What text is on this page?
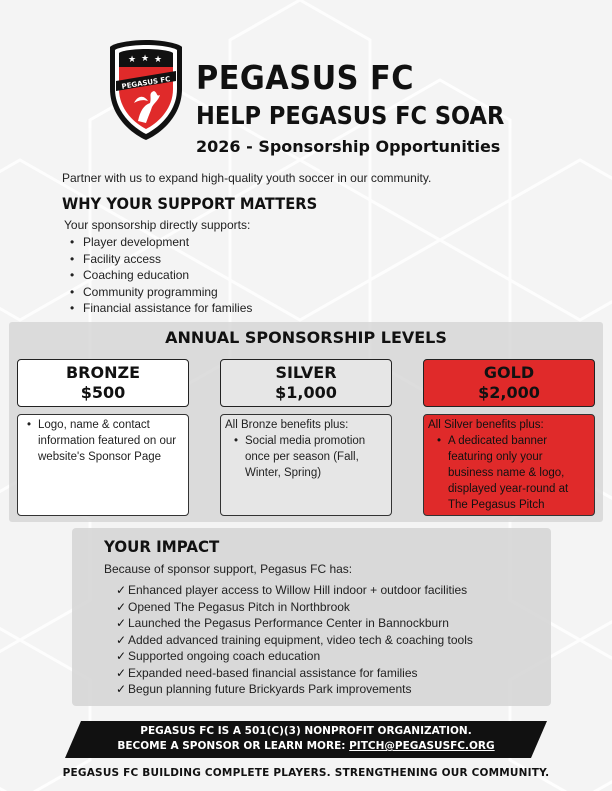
★ ★ ★
PEGASUS FC PEGASUS FC
HELP PEGASUS FC SOAR
2026 - Sponsorship Opportunities
Partner with us to expand high-quality youth soccer in our community.
WHY YOUR SUPPORT MATTERS
Your sponsorship directly supports:
• Player development
• Facility access
• Coaching education
• Community programming
• Financial assistance for families
ANNUAL SPONSORSHIP LEVELS
BRONZE
$500
• Logo, name & contact information featured on our website's Sponsor Page
SILVER
$1,000
All Bronze benefits plus:
• Social media promotion once per season (Fall, Winter, Spring)
GOLD
$2,000
All Silver benefits plus:
• A dedicated banner featuring only your business name & logo, displayed year-round at The Pegasus Pitch
YOUR IMPACT
Because of sponsor support, Pegasus FC has:
✓ Enhanced player access to Willow Hill indoor + outdoor facilities
✓ Opened The Pegasus Pitch in Northbrook
✓ Launched the Pegasus Performance Center in Bannockburn
✓ Added advanced training equipment, video tech & coaching tools
✓ Supported ongoing coach education
✓ Expanded need-based financial assistance for families
✓ Begun planning future Brickyards Park improvements
PEGASUS FC IS A 501(C)(3) NONPROFIT ORGANIZATION.
BECOME A SPONSOR OR LEARN MORE: PITCH@PEGASUSFC.ORG
PEGASUS FC BUILDING COMPLETE PLAYERS. STRENGTHENING OUR COMMUNITY.
